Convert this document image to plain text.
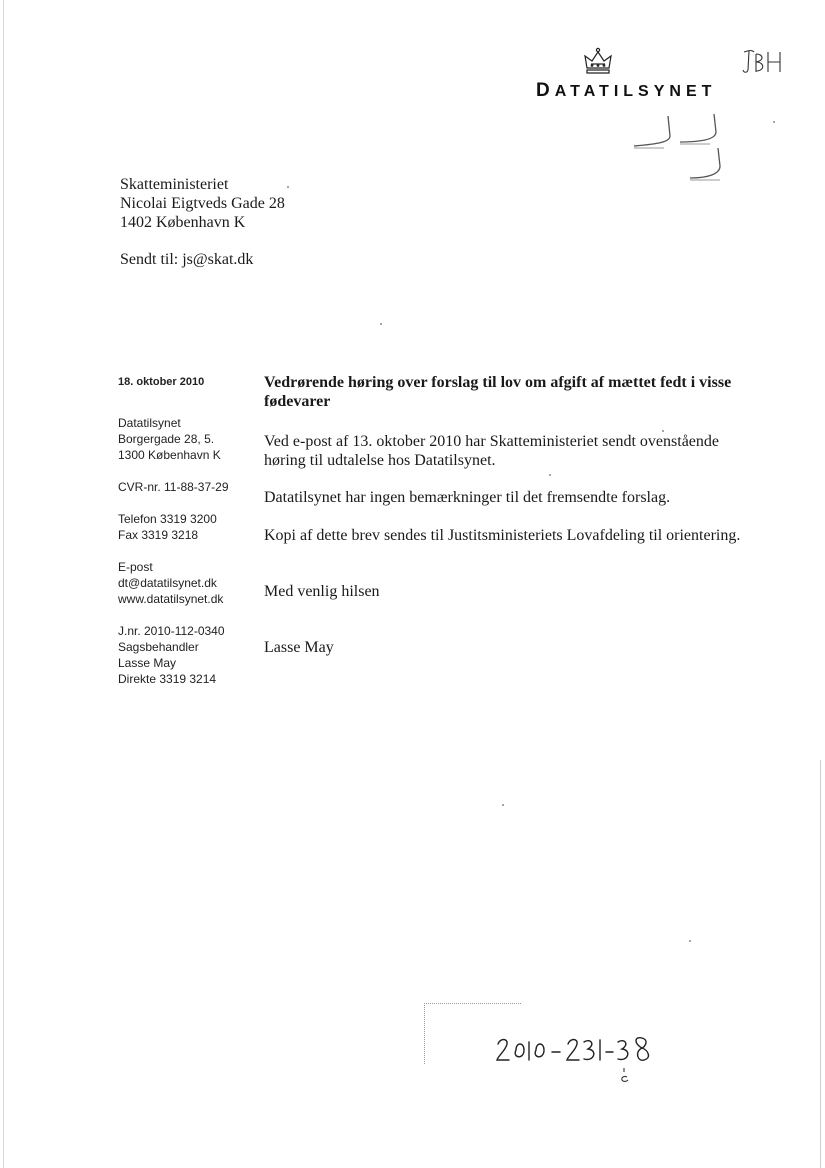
DATATILSYNET
Skatteministeriet
Nicolai Eigtveds Gade 28
1402 København K
Sendt til: js@skat.dk
18. oktober 2010
Datatilsynet
Borgergade 28, 5.
1300 København K
CVR-nr. 11-88-37-29
Telefon 3319 3200
Fax 3319 3218
E-post
dt@datatilsynet.dk
www.datatilsynet.dk
J.nr. 2010-112-0340
Sagsbehandler
Lasse May
Direkte 3319 3214
Vedrørende høring over forslag til lov om afgift af mættet fedt i visse fødevarer
Ved e-post af 13. oktober 2010 har Skatteministeriet sendt ovenstående høring til udtalelse hos Datatilsynet.
Datatilsynet har ingen bemærkninger til det fremsendte forslag.
Kopi af dette brev sendes til Justitsministeriets Lovafdeling til orientering.
Med venlig hilsen
Lasse May
